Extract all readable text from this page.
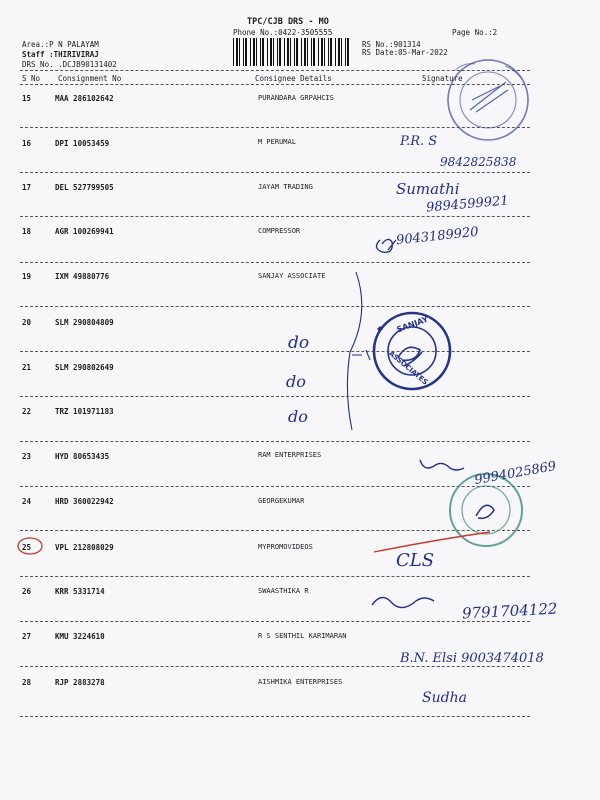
TPC/CJB DRS - MO
Phone No.:0422-3505555	Page No.:2
Area.:P N PALAYAM
Staff :THIRIVIRAJ
DRS No. .DCJB90131402
RS No.:901314
RS Date:05-Mar-2022
S No Consignment No	Consignee Details	Signature
15	MAA 286102642	PURANDARA GRPAHCIS
16	DPI 10053459	M PERUMAL
17	DEL 527799505	JAYAM TRADING
18	AGR 100269941	COMPRESSOR
19	IXM 49880776	SANJAY ASSOCIATE
20	SLM 290804809
21	SLM 290802649
22	TRZ 101971183
23	HYD 80653435	RAM ENTERPRISES
24	HRD 360022942	GEORGEKUMAR
25	VPL 212808029	MYPROMOVIDEOS
26	KRR 5331714	SWAASTHIKA R
27	KMU 3224610	R S SENTHIL KARIMARAN
28	RJP 2883278	AISHMIKA ENTERPRISES
P.R. S
9842825838
Sumathi
9894599921
9043189920
do
do
do
9994025869
CLS
9791704122
B.N. Elsi 9003474018
Sudha
SANJAY
ASSOCIATES
